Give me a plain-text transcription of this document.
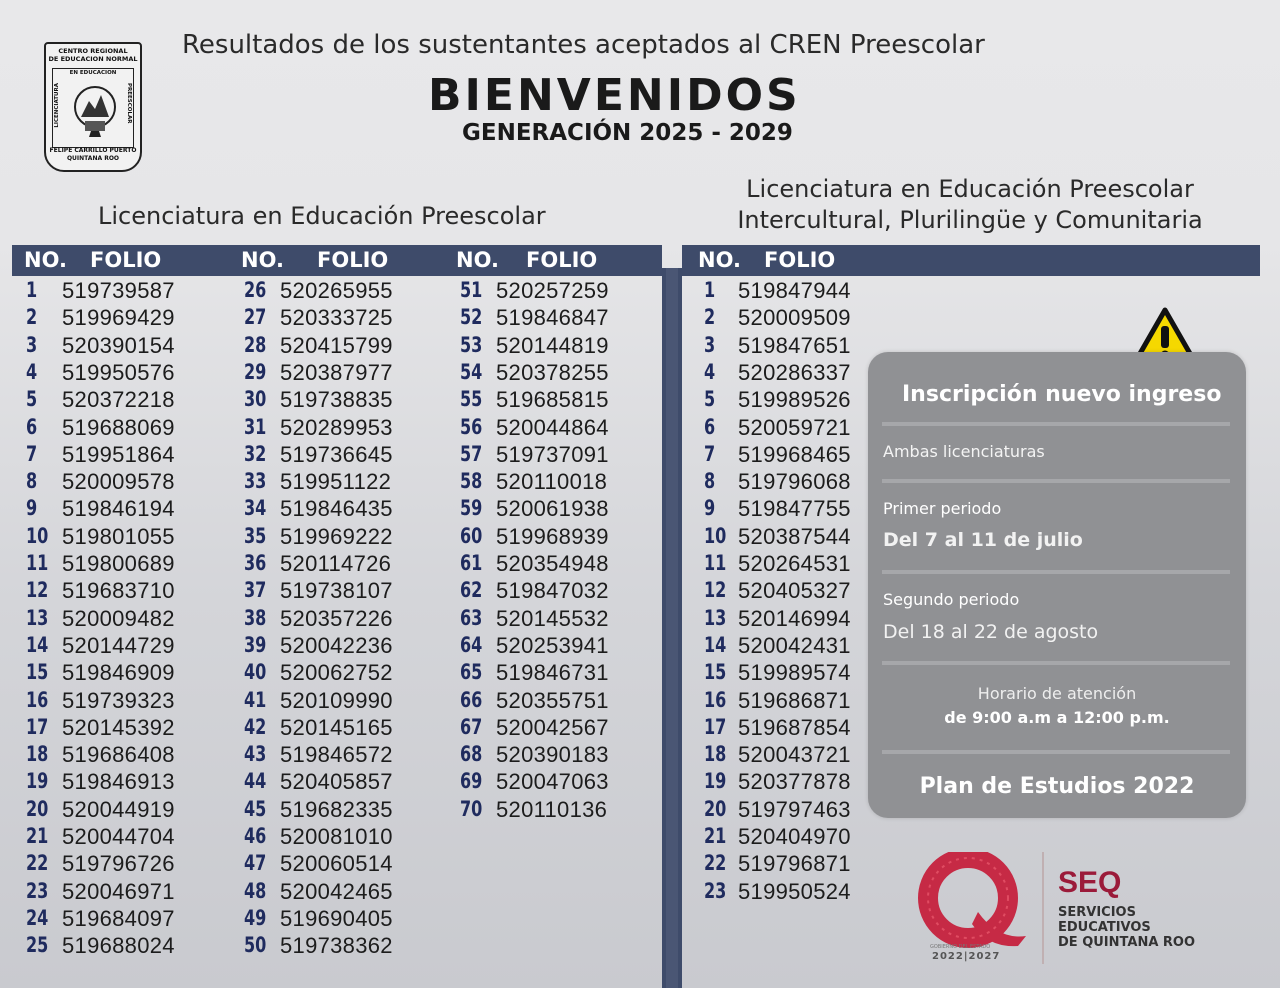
CENTRO REGIONAL
DE EDUCACION NORMAL
EN EDUCACION
LICENCIATURA	PREESCOLAR
FELIPE CARRILLO PUERTO
QUINTANA ROO
Resultados de los sustentantes aceptados al CREN Preescolar
BIENVENIDOS
GENERACIÓN 2025 - 2029
Licenciatura en Educación Preescolar
Licenciatura en Educación Preescolar
Intercultural, Plurilingüe y Comunitaria
NO. FOLIO	NO. FOLIO	NO. FOLIO	NO. FOLIO
1 519739587
2 519969429
3 520390154
4 519950576
5 520372218
6 519688069
7 519951864
8 520009578
9 519846194
10 519801055
11 519800689
12 519683710
13 520009482
14 520144729
15 519846909
16 519739323
17 520145392
18 519686408
19 519846913
20 520044919
21 520044704
22 519796726
23 520046971
24 519684097
25 519688024
26 520265955
27 520333725
28 520415799
29 520387977
30 519738835
31 520289953
32 519736645
33 519951122
34 519846435
35 519969222
36 520114726
37 519738107
38 520357226
39 520042236
40 520062752
41 520109990
42 520145165
43 519846572
44 520405857
45 519682335
46 520081010
47 520060514
48 520042465
49 519690405
50 519738362
51 520257259
52 519846847
53 520144819
54 520378255
55 519685815
56 520044864
57 519737091
58 520110018
59 520061938
60 519968939
61 520354948
62 519847032
63 520145532
64 520253941
65 519846731
66 520355751
67 520042567
68 520390183
69 520047063
70 520110136
1 519847944
2 520009509
3 519847651
4 520286337
5 519989526
6 520059721
7 519968465
8 519796068
9 519847755
10 520387544
11 520264531
12 520405327
13 520146994
14 520042431
15 519989574
16 519686871
17 519687854
18 520043721
19 520377878
20 519797463
21 520404970
22 519796871
23 519950524
Inscripción nuevo ingreso
Ambas licenciaturas
Primer periodo
Del 7 al 11 de julio
Segundo periodo
Del 18 al 22 de agosto
Horario de atención
de 9:00 a.m a 12:00 p.m.
Plan de Estudios 2022
GOBIERNO DEL ESTADO
2022|2027
SEQ
SERVICIOS
EDUCATIVOS
DE QUINTANA ROO
